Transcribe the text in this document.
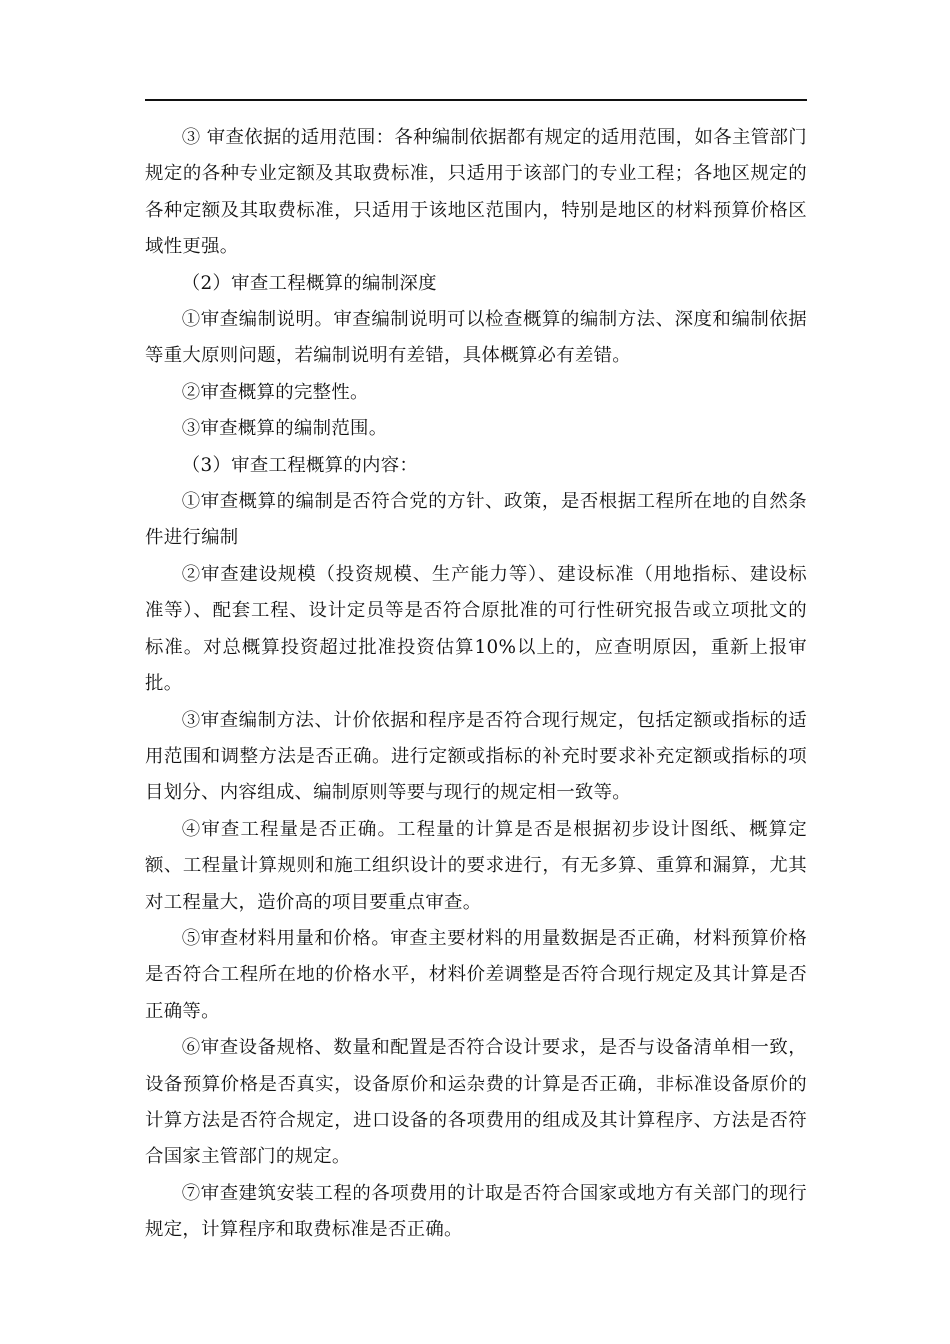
③ 审查依据的适用范围：各种编制依据都有规定的适用范围，如各主管部门规定的各种专业定额及其取费标准，只适用于该部门的专业工程；各地区规定的各种定额及其取费标准，只适用于该地区范围内，特别是地区的材料预算价格区域性更强。

（2）审查工程概算的编制深度

①审查编制说明。审查编制说明可以检查概算的编制方法、深度和编制依据等重大原则问题，若编制说明有差错，具体概算必有差错。

②审查概算的完整性。

③审查概算的编制范围。

（3）审查工程概算的内容：

①审查概算的编制是否符合党的方针、政策，是否根据工程所在地的自然条件进行编制

②审查建设规模（投资规模、生产能力等）、建设标准（用地指标、建设标准等）、配套工程、设计定员等是否符合原批准的可行性研究报告或立项批文的标准。对总概算投资超过批准投资估算10%以上的，应查明原因，重新上报审批。

③审查编制方法、计价依据和程序是否符合现行规定，包括定额或指标的适用范围和调整方法是否正确。进行定额或指标的补充时要求补充定额或指标的项目划分、内容组成、编制原则等要与现行的规定相一致等。

④审查工程量是否正确。工程量的计算是否是根据初步设计图纸、概算定额、工程量计算规则和施工组织设计的要求进行，有无多算、重算和漏算，尤其对工程量大，造价高的项目要重点审查。

⑤审查材料用量和价格。审查主要材料的用量数据是否正确，材料预算价格是否符合工程所在地的价格水平，材料价差调整是否符合现行规定及其计算是否正确等。

⑥审查设备规格、数量和配置是否符合设计要求，是否与设备清单相一致，设备预算价格是否真实，设备原价和运杂费的计算是否正确，非标准设备原价的计算方法是否符合规定，进口设备的各项费用的组成及其计算程序、方法是否符合国家主管部门的规定。

⑦审查建筑安装工程的各项费用的计取是否符合国家或地方有关部门的现行规定，计算程序和取费标准是否正确。
